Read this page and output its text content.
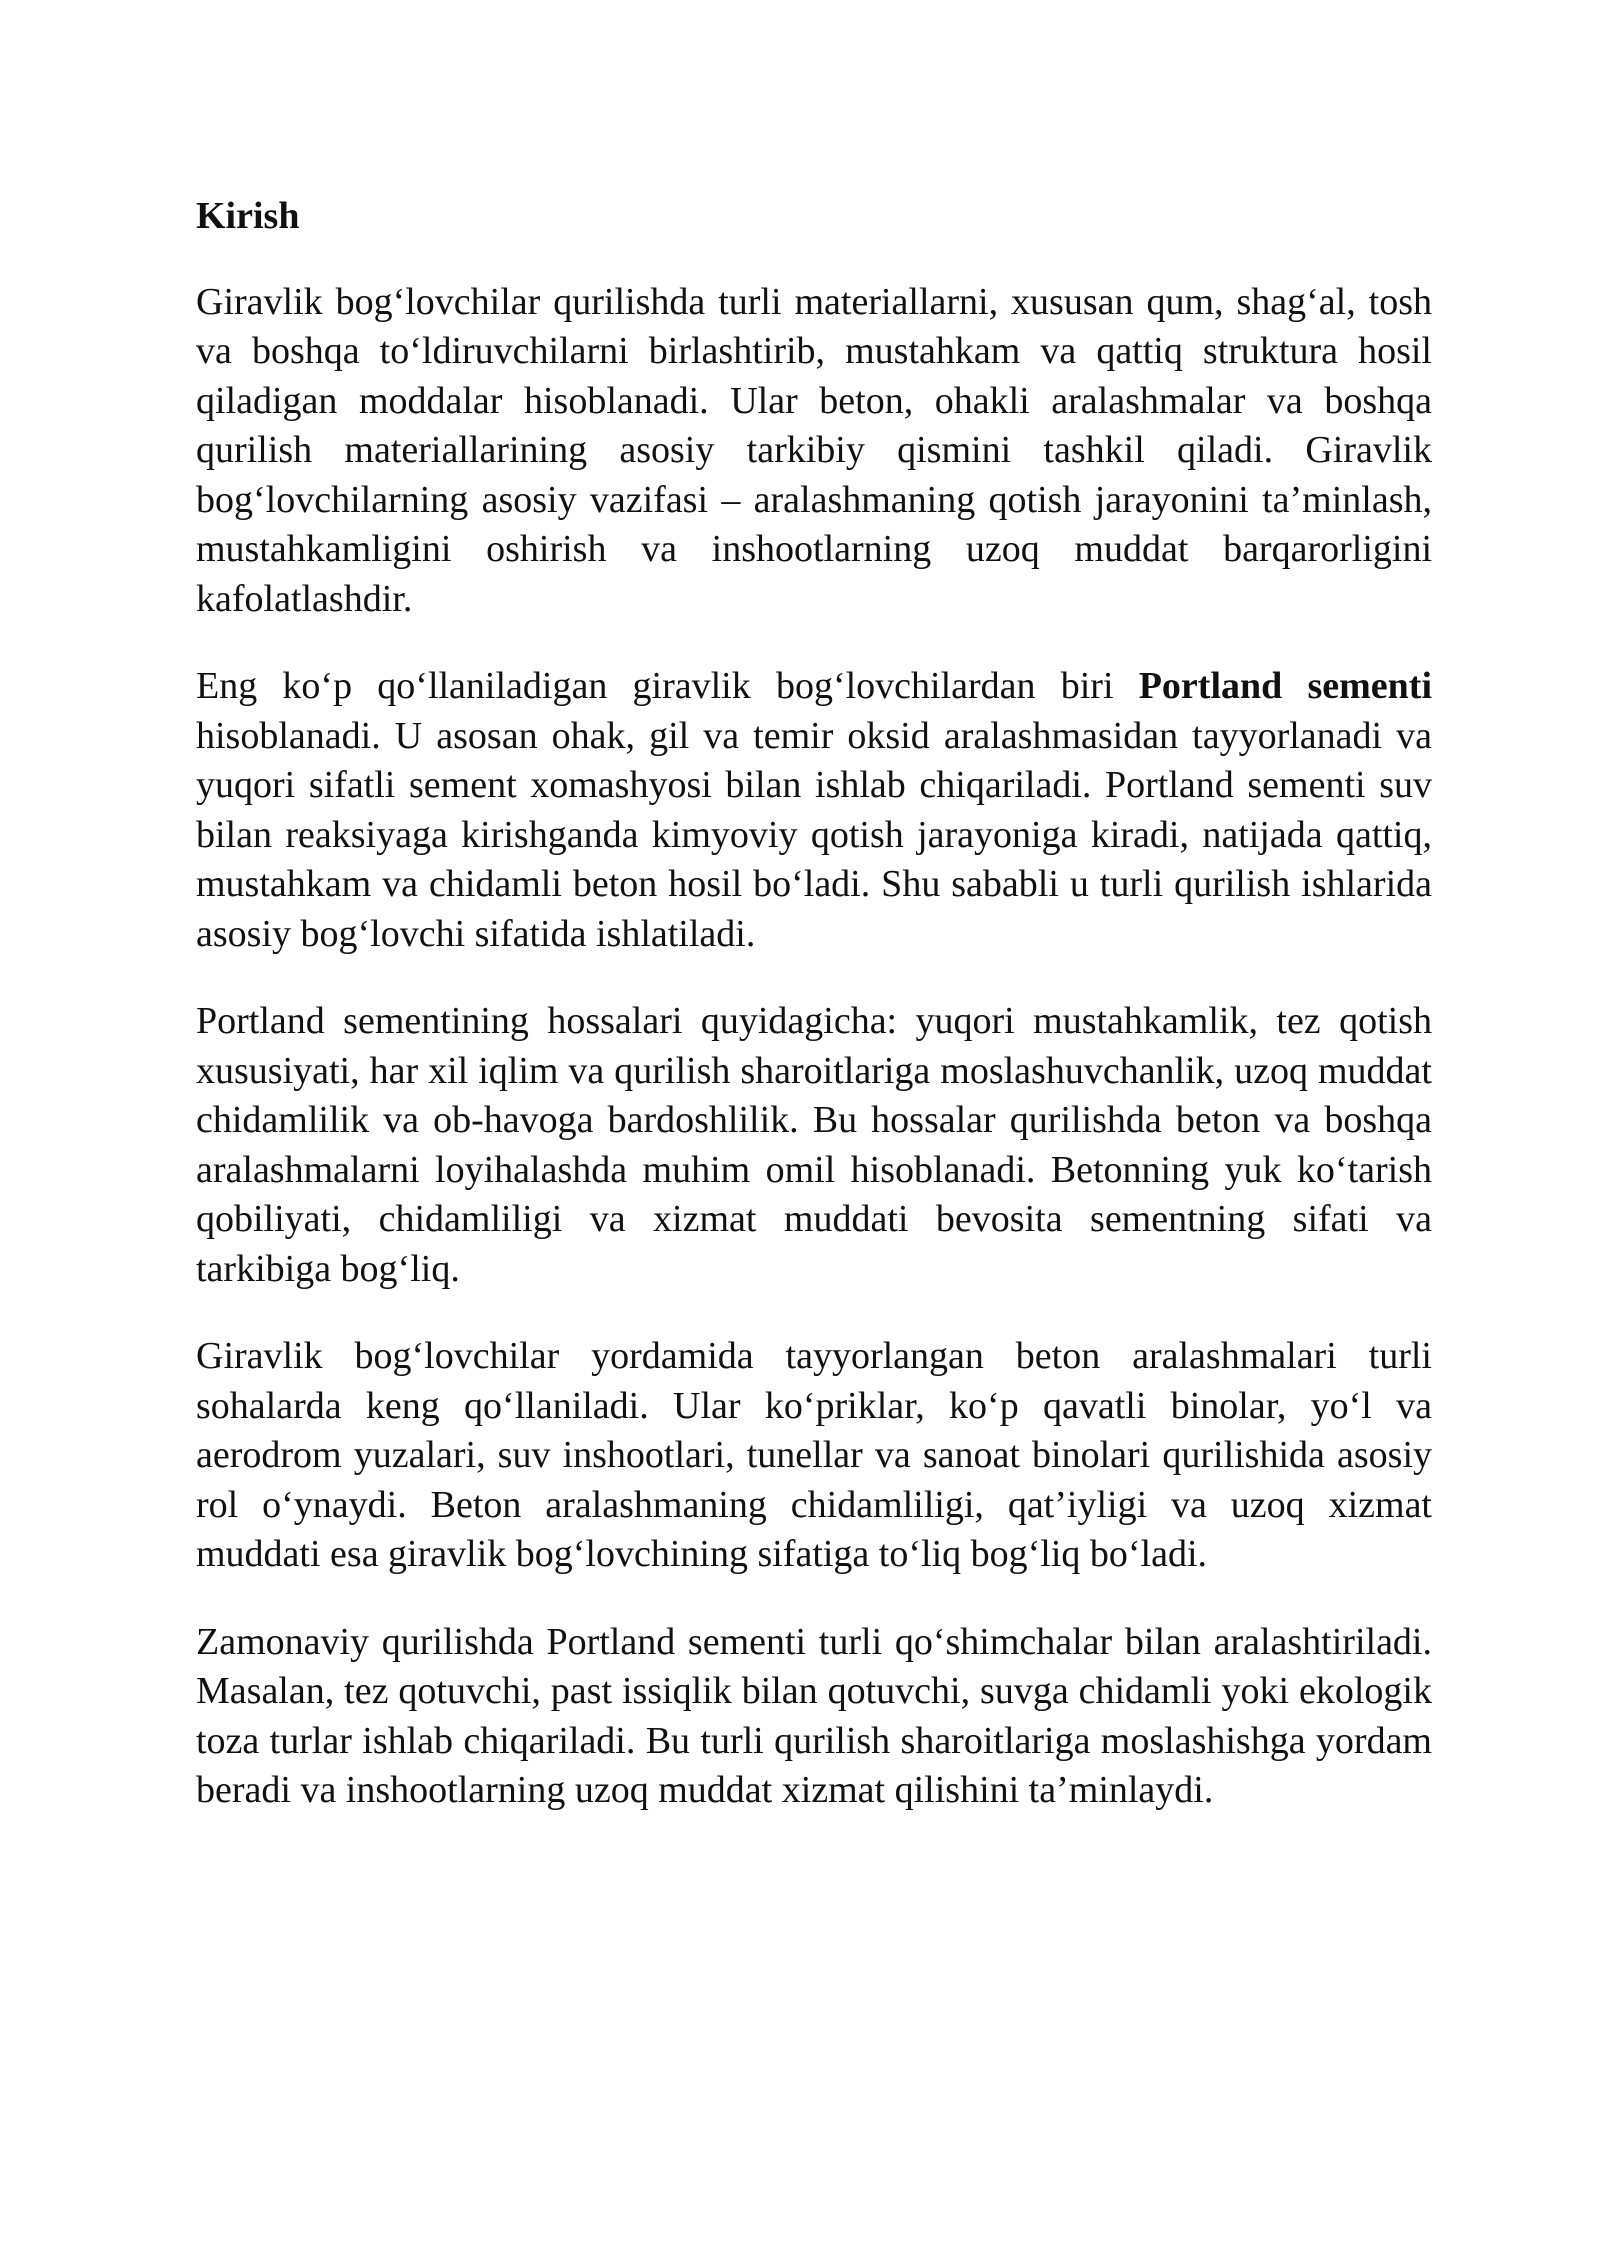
Kirish

Giravlik bog‘lovchilar qurilishda turli materiallarni, xususan qum, shag‘al, tosh va boshqa to‘ldiruvchilarni birlashtirib, mustahkam va qattiq struktura hosil qiladigan moddalar hisoblanadi. Ular beton, ohakli aralashmalar va boshqa qurilish materiallarining asosiy tarkibiy qismini tashkil qiladi. Giravlik bog‘lovchilarning asosiy vazifasi – aralashmaning qotish jarayonini ta’minlash, mustahkamligini oshirish va inshootlarning uzoq muddat barqarorligini kafolatlashdir.

Eng ko‘p qo‘llaniladigan giravlik bog‘lovchilardan biri Portland sementi hisoblanadi. U asosan ohak, gil va temir oksid aralashmasidan tayyorlanadi va yuqori sifatli sement xomashyosi bilan ishlab chiqariladi. Portland sementi suv bilan reaksiyaga kirishganda kimyoviy qotish jarayoniga kiradi, natijada qattiq, mustahkam va chidamli beton hosil bo‘ladi. Shu sababli u turli qurilish ishlarida asosiy bog‘lovchi sifatida ishlatiladi.

Portland sementining hossalari quyidagicha: yuqori mustahkamlik, tez qotish xususiyati, har xil iqlim va qurilish sharoitlariga moslashuvchanlik, uzoq muddat chidamlilik va ob-havoga bardoshlilik. Bu hossalar qurilishda beton va boshqa aralashmalarni loyihalashda muhim omil hisoblanadi. Betonning yuk ko‘tarish qobiliyati, chidamliligi va xizmat muddati bevosita sementning sifati va tarkibiga bog‘liq.

Giravlik bog‘lovchilar yordamida tayyorlangan beton aralashmalari turli sohalarda keng qo‘llaniladi. Ular ko‘priklar, ko‘p qavatli binolar, yo‘l va aerodrom yuzalari, suv inshootlari, tunellar va sanoat binolari qurilishida asosiy rol o‘ynaydi. Beton aralashmaning chidamliligi, qat’iyligi va uzoq xizmat muddati esa giravlik bog‘lovchining sifatiga to‘liq bog‘liq bo‘ladi.

Zamonaviy qurilishda Portland sementi turli qo‘shimchalar bilan aralashtiriladi. Masalan, tez qotuvchi, past issiqlik bilan qotuvchi, suvga chidamli yoki ekologik toza turlar ishlab chiqariladi. Bu turli qurilish sharoitlariga moslashishga yordam beradi va inshootlarning uzoq muddat xizmat qilishini ta’minlaydi.
